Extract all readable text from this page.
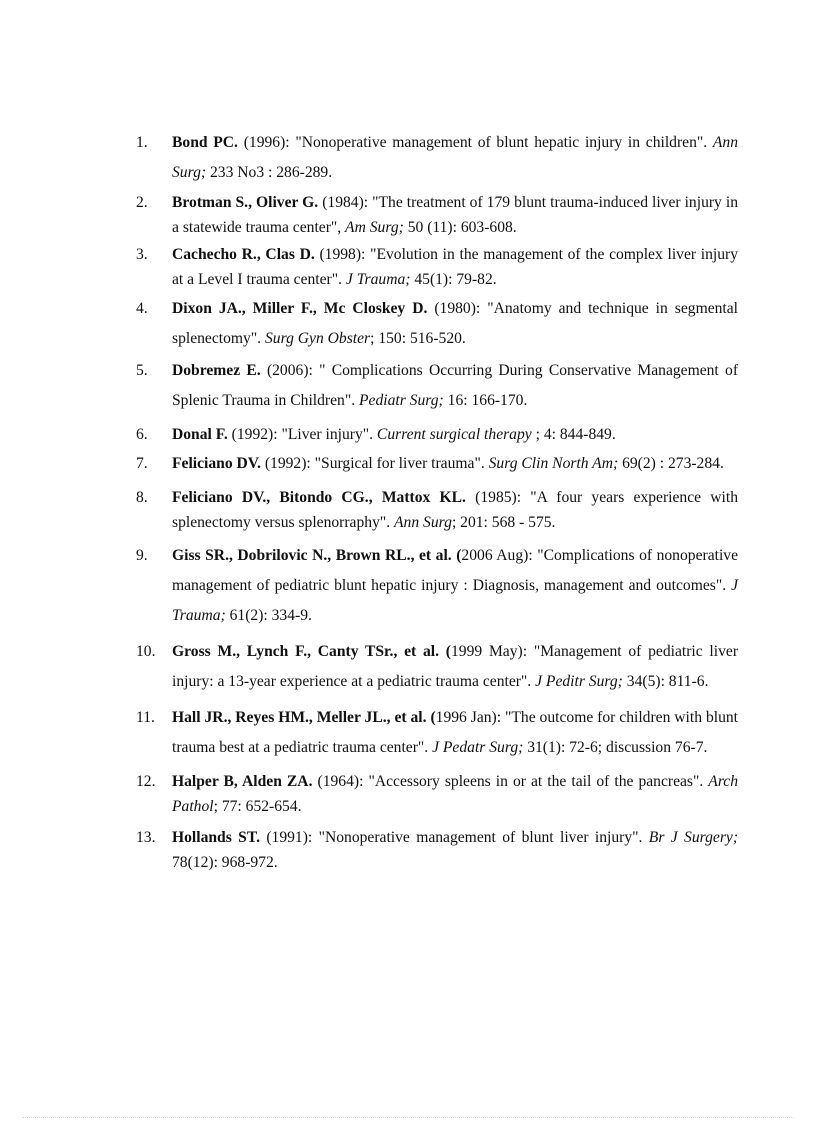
1. Bond PC. (1996): "Nonoperative management of blunt hepatic injury in children". Ann Surg; 233 No3 : 286-289.
2. Brotman S., Oliver G. (1984): "The treatment of 179 blunt trauma-induced liver injury in a statewide trauma center", Am Surg; 50 (11): 603-608.
3. Cachecho R., Clas D. (1998): "Evolution in the management of the complex liver injury at a Level I trauma center". J Trauma; 45(1): 79-82.
4. Dixon JA., Miller F., Mc Closkey D. (1980): "Anatomy and technique in segmental splenectomy". Surg Gyn Obster; 150: 516-520.
5. Dobremez E. (2006): " Complications Occurring During Conservative Management of Splenic Trauma in Children". Pediatr Surg; 16: 166-170.
6. Donal F. (1992): "Liver injury". Current surgical therapy ; 4: 844-849.
7. Feliciano DV. (1992): "Surgical for liver trauma". Surg Clin North Am; 69(2) : 273-284.
8. Feliciano DV., Bitondo CG., Mattox KL. (1985): "A four years experience with splenectomy versus splenorraphy". Ann Surg; 201: 568 - 575.
9. Giss SR., Dobrilovic N., Brown RL., et al. (2006 Aug): "Complications of nonoperative management of pediatric blunt hepatic injury : Diagnosis, management and outcomes". J Trauma; 61(2): 334-9.
10. Gross M., Lynch F., Canty TSr., et al. (1999 May): "Management of pediatric liver injury: a 13-year experience at a pediatric trauma center". J Peditr Surg; 34(5): 811-6.
11. Hall JR., Reyes HM., Meller JL., et al. (1996 Jan): "The outcome for children with blunt trauma best at a pediatric trauma center". J Pedatr Surg; 31(1): 72-6; discussion 76-7.
12. Halper B, Alden ZA. (1964): "Accessory spleens in or at the tail of the pancreas". Arch Pathol; 77: 652-654.
13. Hollands ST. (1991): "Nonoperative management of blunt liver injury". Br J Surgery; 78(12): 968-972.
